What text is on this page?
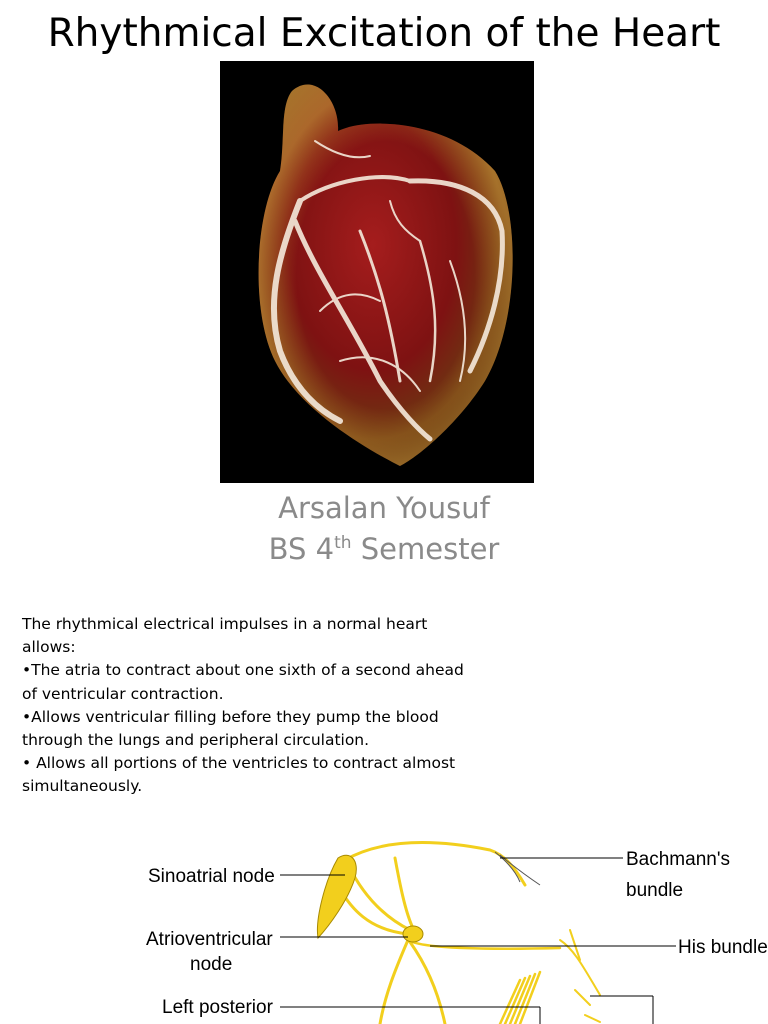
Rhythmical Excitation of the Heart
Arsalan Yousuf
BS 4th Semester

The rhythmical electrical impulses in a normal heart allows:

•The atria to contract about one sixth of a second ahead of ventricular contraction.

•Allows ventricular filling before they pump the blood through the lungs and peripheral circulation.

• Allows all portions of the ventricles to contract almost simultaneously.

Sinoatrial node
Atrioventricular
node
Left posterior
Bachmann's
bundle
His bundle
